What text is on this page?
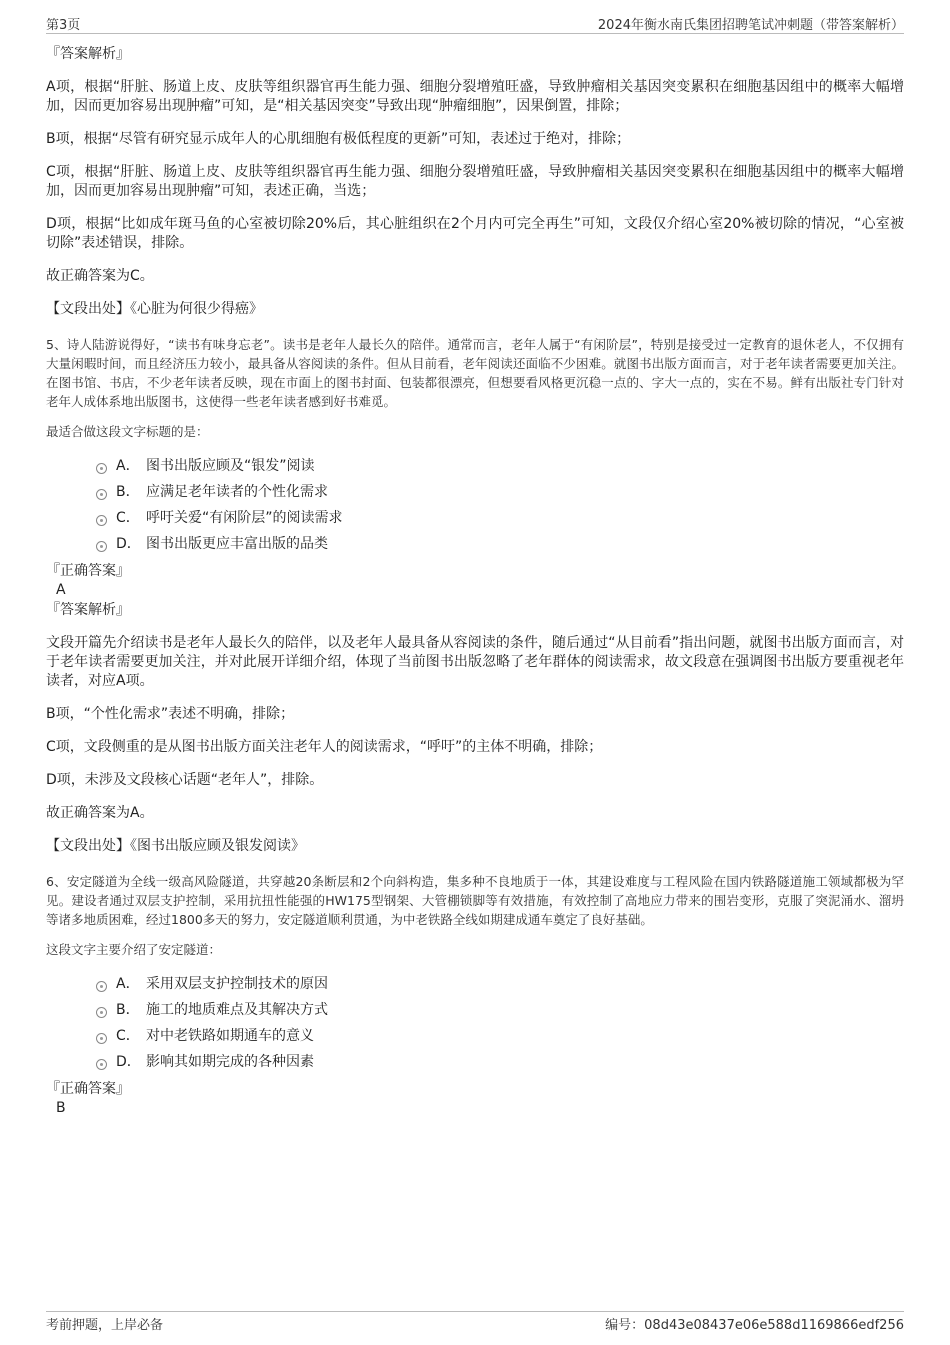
第3页	2024年衡水南氏集团招聘笔试冲刺题（带答案解析）

『答案解析』

A项，根据“肝脏、肠道上皮、皮肤等组织器官再生能力强、细胞分裂增殖旺盛，导致肿瘤相关基因突变累积在细胞基因组中的概率大幅增加，因而更加容易出现肿瘤”可知，是“相关基因突变”导致出现“肿瘤细胞”，因果倒置，排除；

B项，根据“尽管有研究显示成年人的心肌细胞有极低程度的更新”可知，表述过于绝对，排除；

C项，根据“肝脏、肠道上皮、皮肤等组织器官再生能力强、细胞分裂增殖旺盛，导致肿瘤相关基因突变累积在细胞基因组中的概率大幅增加，因而更加容易出现肿瘤”可知，表述正确，当选；

D项，根据“比如成年斑马鱼的心室被切除20%后，其心脏组织在2个月内可完全再生”可知，文段仅介绍心室20%被切除的情况，“心室被切除”表述错误，排除。

故正确答案为C。

【文段出处】《心脏为何很少得癌》

5、诗人陆游说得好，“读书有味身忘老”。读书是老年人最长久的陪伴。通常而言，老年人属于“有闲阶层”，特别是接受过一定教育的退休老人，不仅拥有大量闲暇时间，而且经济压力较小，最具备从容阅读的条件。但从目前看，老年阅读还面临不少困难。就图书出版方面而言，对于老年读者需要更加关注。在图书馆、书店，不少老年读者反映，现在市面上的图书封面、包装都很漂亮，但想要看风格更沉稳一点的、字大一点的，实在不易。鲜有出版社专门针对老年人成体系地出版图书，这使得一些老年读者感到好书难觅。

最适合做这段文字标题的是：

A． 图书出版应顾及“银发”阅读
B． 应满足老年读者的个性化需求
C． 呼吁关爱“有闲阶层”的阅读需求
D． 图书出版更应丰富出版的品类

『正确答案』

A

『答案解析』

文段开篇先介绍读书是老年人最长久的陪伴，以及老年人最具备从容阅读的条件，随后通过“从目前看”指出问题，就图书出版方面而言，对于老年读者需要更加关注，并对此展开详细介绍，体现了当前图书出版忽略了老年群体的阅读需求，故文段意在强调图书出版方要重视老年读者，对应A项。

B项，“个性化需求”表述不明确，排除；

C项，文段侧重的是从图书出版方面关注老年人的阅读需求，“呼吁”的主体不明确，排除；

D项，未涉及文段核心话题“老年人”，排除。

故正确答案为A。

【文段出处】《图书出版应顾及银发阅读》

6、安定隧道为全线一级高风险隧道，共穿越20条断层和2个向斜构造，集多种不良地质于一体，其建设难度与工程风险在国内铁路隧道施工领域都极为罕见。建设者通过双层支护控制，采用抗扭性能强的HW175型钢架、大管棚锁脚等有效措施，有效控制了高地应力带来的围岩变形，克服了突泥涌水、溜坍等诸多地质困难，经过1800多天的努力，安定隧道顺利贯通，为中老铁路全线如期建成通车奠定了良好基础。

这段文字主要介绍了安定隧道：

A． 采用双层支护控制技术的原因
B． 施工的地质难点及其解决方式
C． 对中老铁路如期通车的意义
D． 影响其如期完成的各种因素

『正确答案』

B

考前押题，上岸必备	编号：08d43e08437e06e588d1169866edf256
